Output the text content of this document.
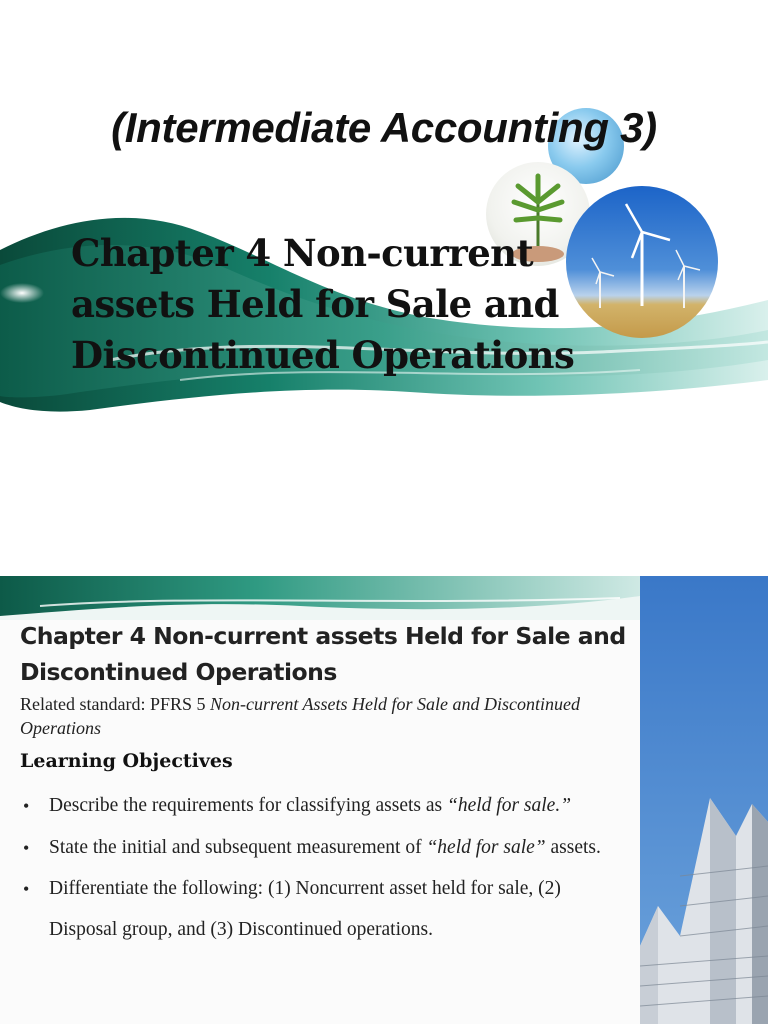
(Intermediate Accounting 3)
Chapter 4 Non-current
assets Held for Sale and
Discontinued Operations
Chapter 4 Non-current assets Held for Sale and Discontinued Operations

Related standard: PFRS 5 Non-current Assets Held for Sale and Discontinued Operations

Learning Objectives
• Describe the requirements for classifying assets as “held for sale.”
• State the initial and subsequent measurement of “held for sale” assets.
• Differentiate the following: (1) Noncurrent asset held for sale, (2) Disposal group, and (3) Discontinued operations.
